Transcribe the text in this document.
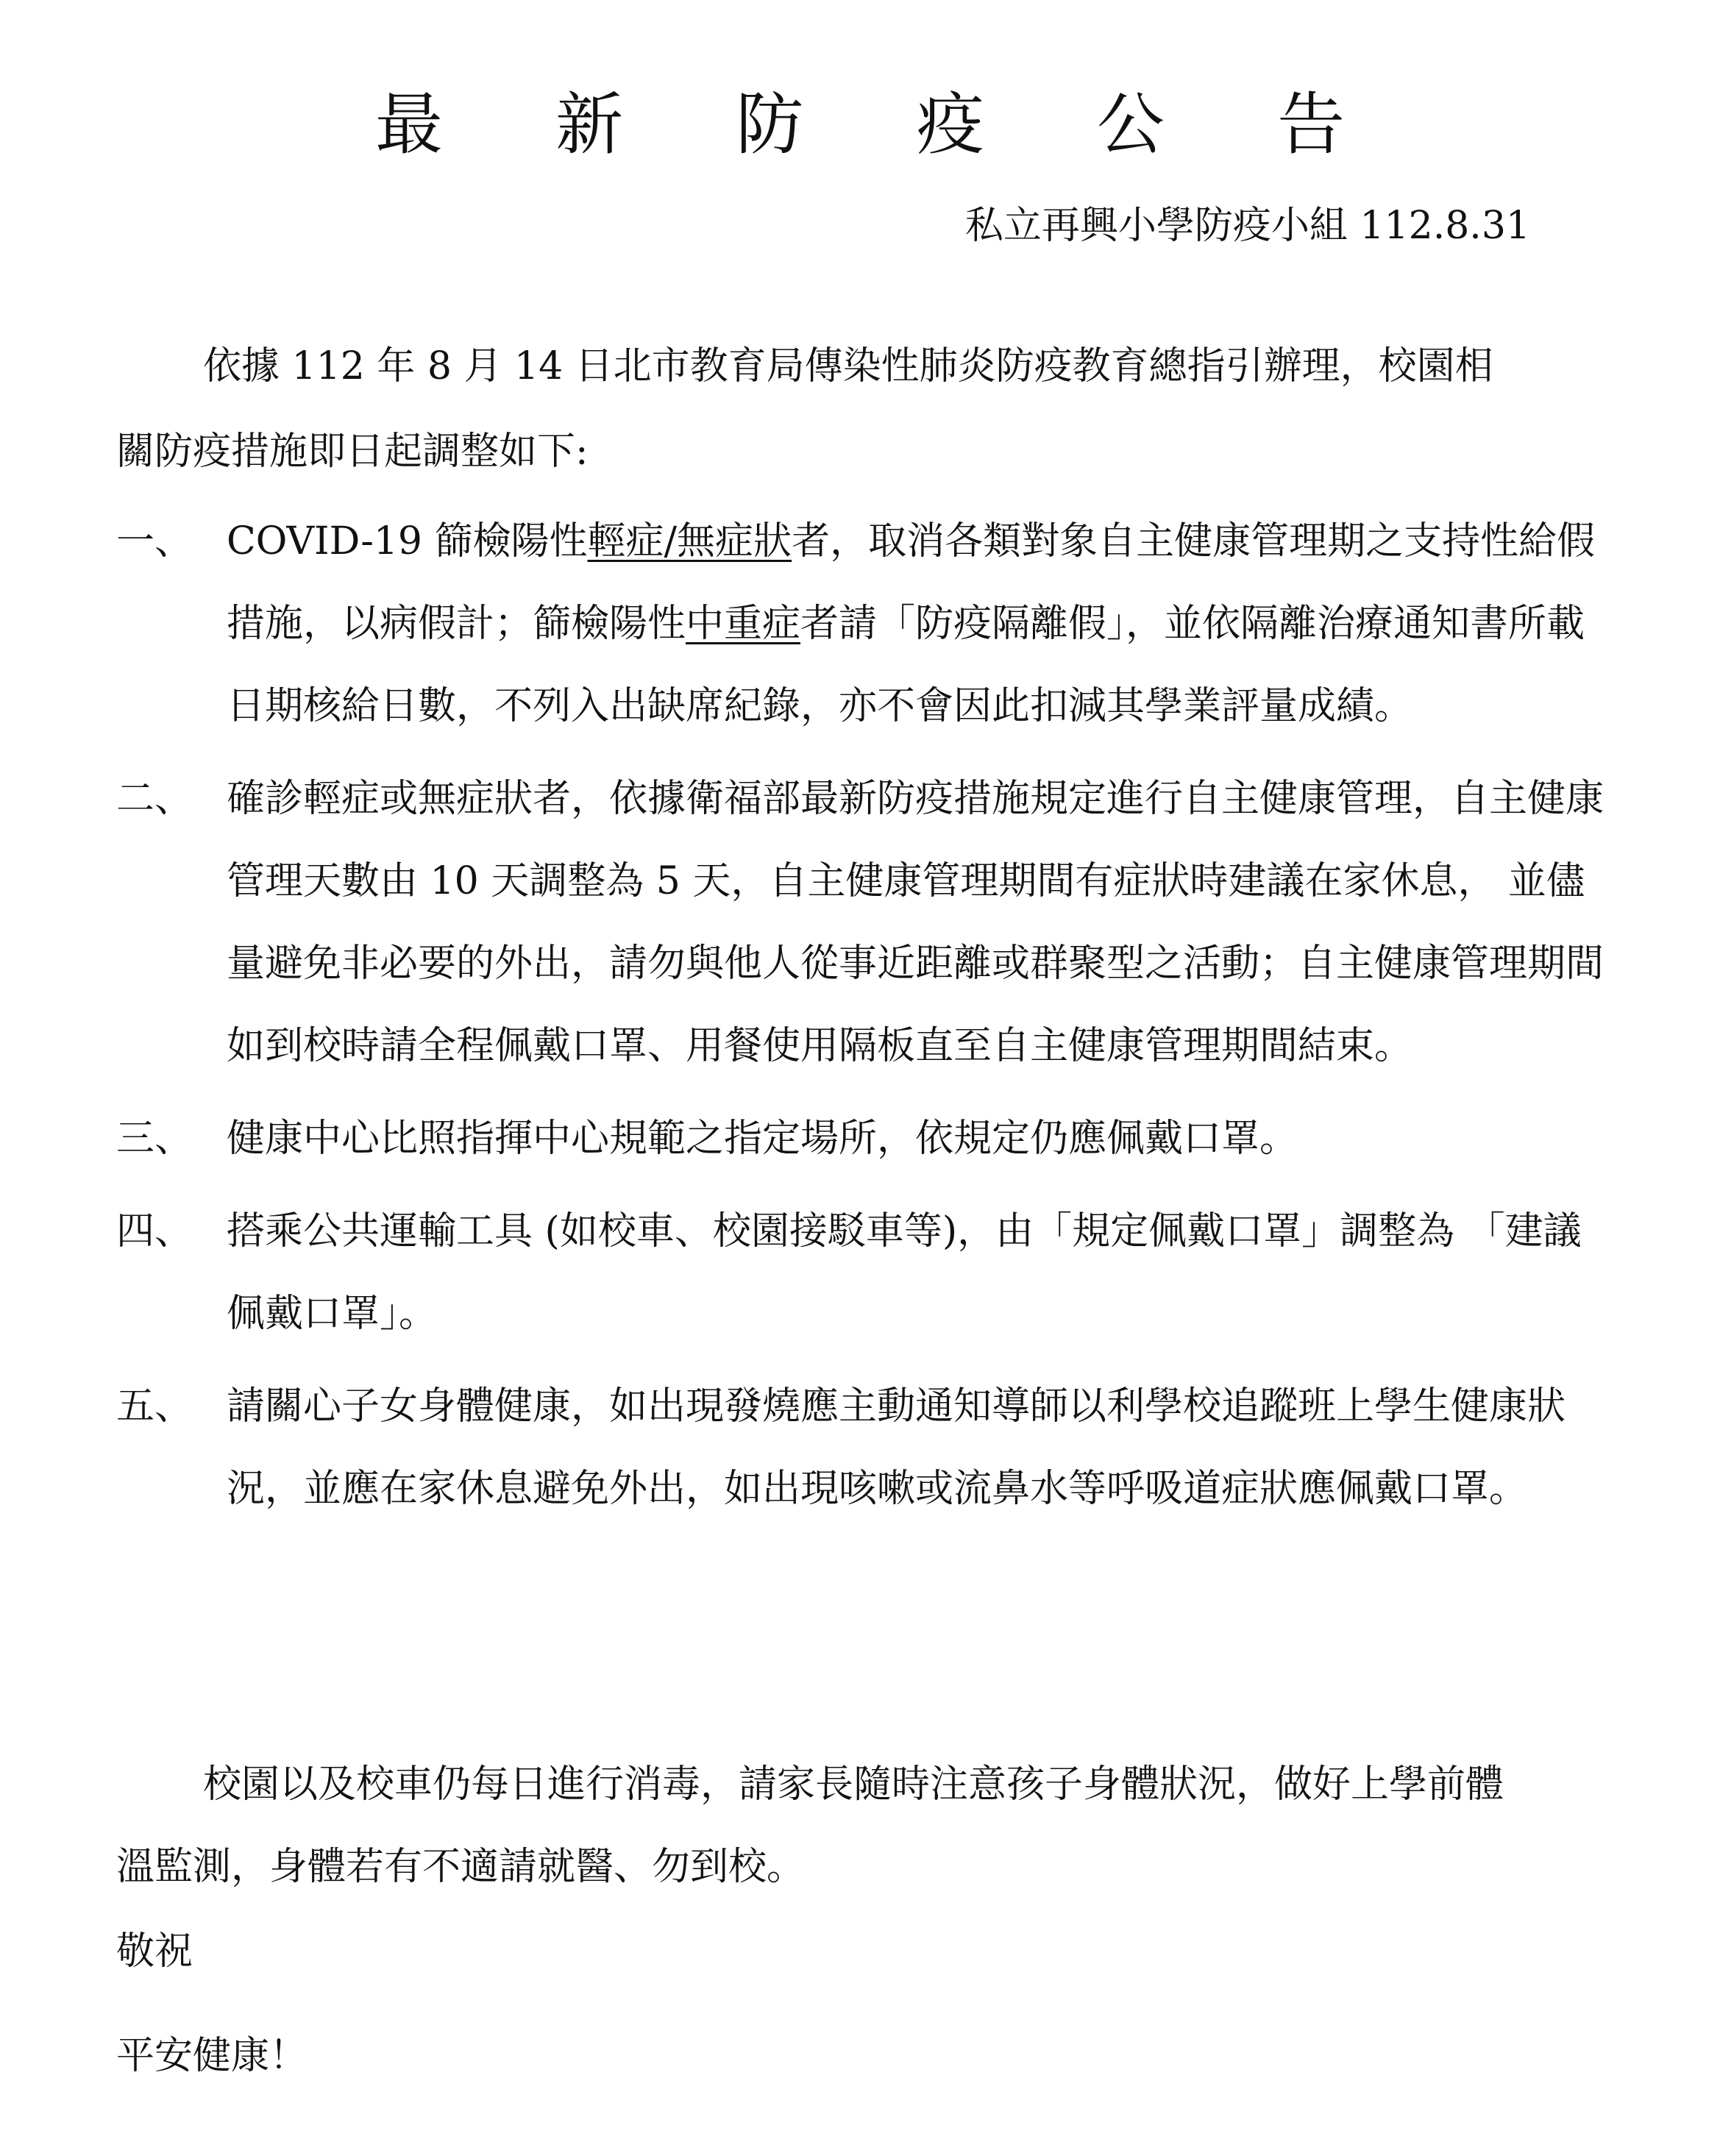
最 新 防 疫 公 告
私立再興小學防疫小組 112.8.31

依據 112 年 8 月 14 日北市教育局傳染性肺炎防疫教育總指引辦理，校園相關防疫措施即日起調整如下:

一、 COVID-19 篩檢陽性輕症/無症狀者，取消各類對象自主健康管理期之支持性給假措施，以病假計；篩檢陽性中重症者請「防疫隔離假」，並依隔離治療通知書所載日期核給日數，不列入出缺席紀錄，亦不會因此扣減其學業評量成績。
二、 確診輕症或無症狀者，依據衛福部最新防疫措施規定進行自主健康管理，自主健康管理天數由 10 天調整為 5 天，自主健康管理期間有症狀時建議在家休息， 並儘量避免非必要的外出，請勿與他人從事近距離或群聚型之活動；自主健康管理期間如到校時請全程佩戴口罩、用餐使用隔板直至自主健康管理期間結束。
三、 健康中心比照指揮中心規範之指定場所，依規定仍應佩戴口罩。
四、 搭乘公共運輸工具 (如校車、校園接駁車等)，由「規定佩戴口罩」調整為 「建議佩戴口罩」。
五、 請關心子女身體健康，如出現發燒應主動通知導師以利學校追蹤班上學生健康狀況，並應在家休息避免外出，如出現咳嗽或流鼻水等呼吸道症狀應佩戴口罩。

校園以及校車仍每日進行消毒，請家長隨時注意孩子身體狀況，做好上學前體溫監測，身體若有不適請就醫、勿到校。

敬祝
平安健康！
